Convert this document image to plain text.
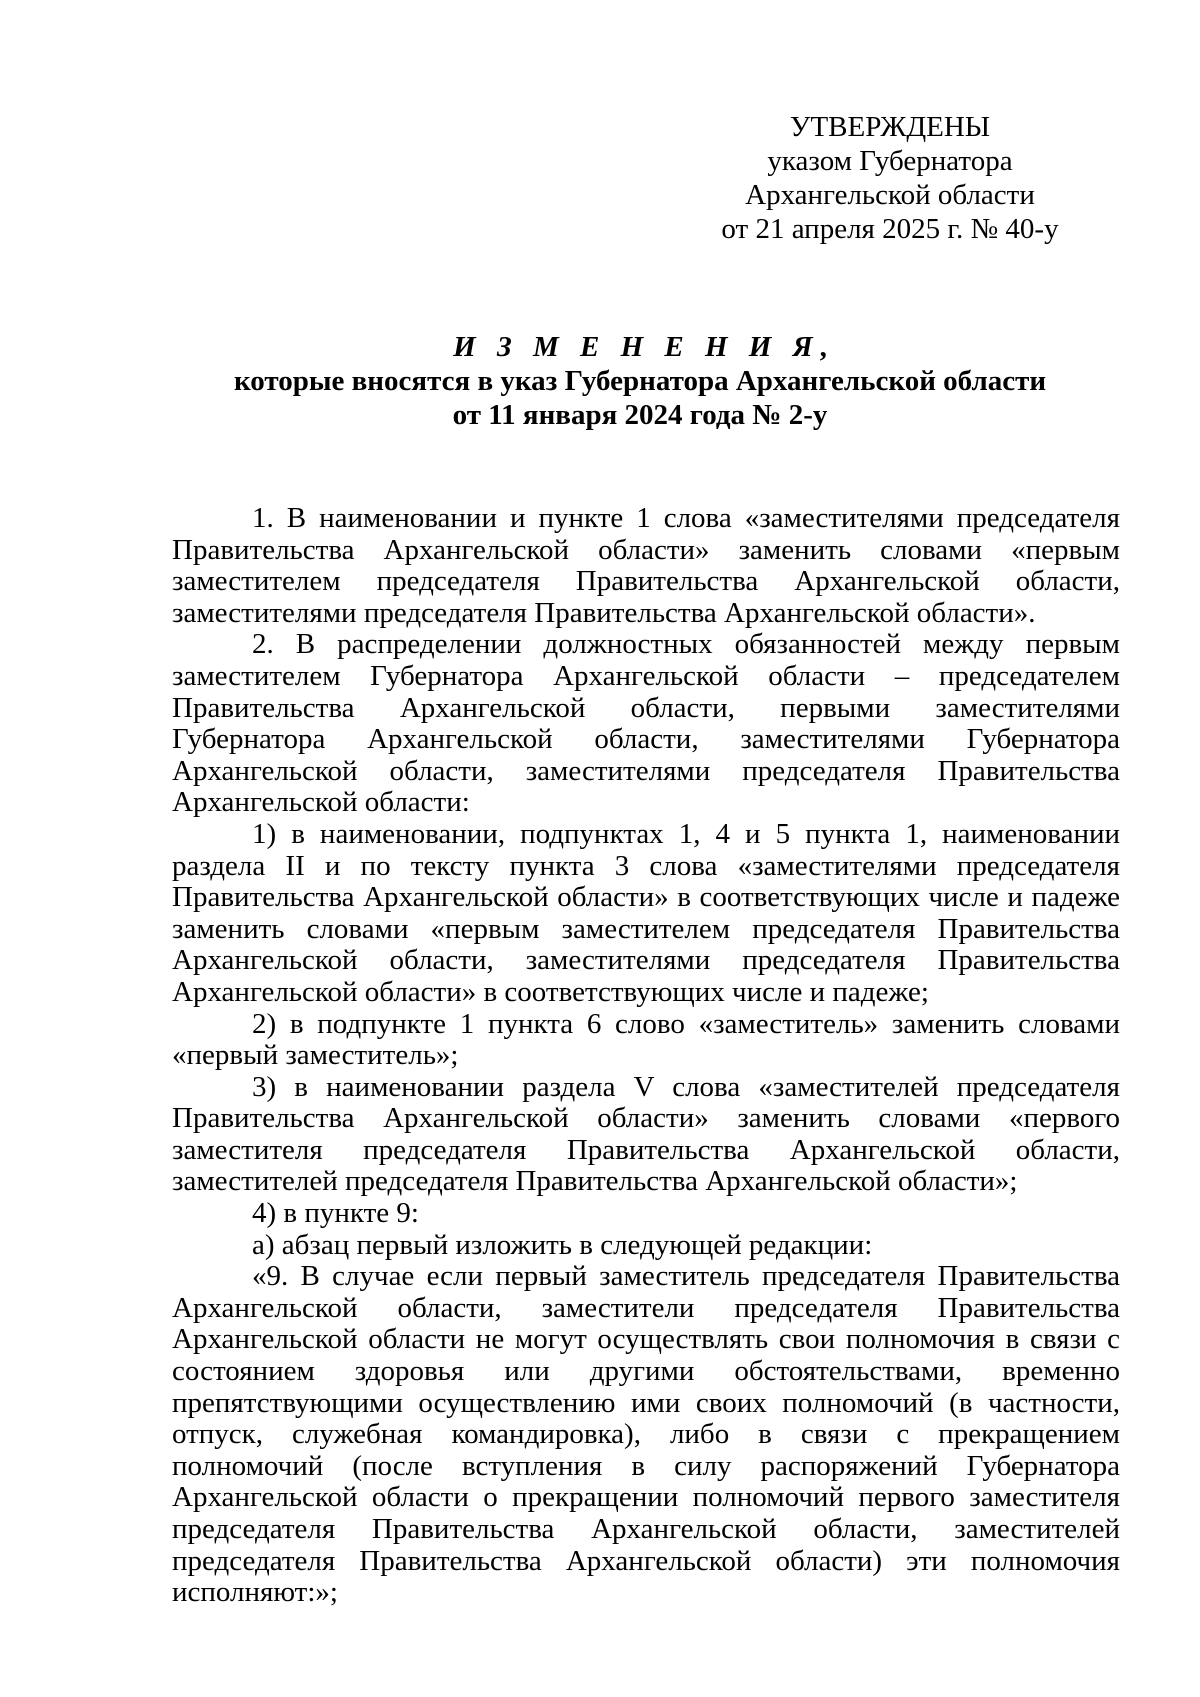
УТВЕРЖДЕНЫ
указом Губернатора
Архангельской области
от 21 апреля 2025 г. № 40-у
И З М Е Н Е Н И Я,
которые вносятся в указ Губернатора Архангельской области
от 11 января 2024 года № 2-у

1. В наименовании и пункте 1 слова «заместителями председателя Правительства Архангельской области» заменить словами «первым заместителем председателя Правительства Архангельской области, заместителями председателя Правительства Архангельской области».

2. В распределении должностных обязанностей между первым заместителем Губернатора Архангельской области – председателем Правительства Архангельской области, первыми заместителями Губернатора Архангельской области, заместителями Губернатора Архангельской области, заместителями председателя Правительства Архангельской области:

1) в наименовании, подпунктах 1, 4 и 5 пункта 1, наименовании раздела II и по тексту пункта 3 слова «заместителями председателя Правительства Архангельской области» в соответствующих числе и падеже заменить словами «первым заместителем председателя Правительства Архангельской области, заместителями председателя Правительства Архангельской области» в соответствующих числе и падеже;

2) в подпункте 1 пункта 6 слово «заместитель» заменить словами «первый заместитель»;

3) в наименовании раздела V слова «заместителей председателя Правительства Архангельской области» заменить словами «первого заместителя председателя Правительства Архангельской области, заместителей председателя Правительства Архангельской области»;

4) в пункте 9:

а) абзац первый изложить в следующей редакции:

«9. В случае если первый заместитель председателя Правительства Архангельской области, заместители председателя Правительства Архангельской области не могут осуществлять свои полномочия в связи с состоянием здоровья или другими обстоятельствами, временно препятствующими осуществлению ими своих полномочий (в частности, отпуск, служебная командировка), либо в связи с прекращением полномочий (после вступления в силу распоряжений Губернатора Архангельской области о прекращении полномочий первого заместителя председателя Правительства Архангельской области, заместителей председателя Правительства Архангельской области) эти полномочия исполняют:»;
